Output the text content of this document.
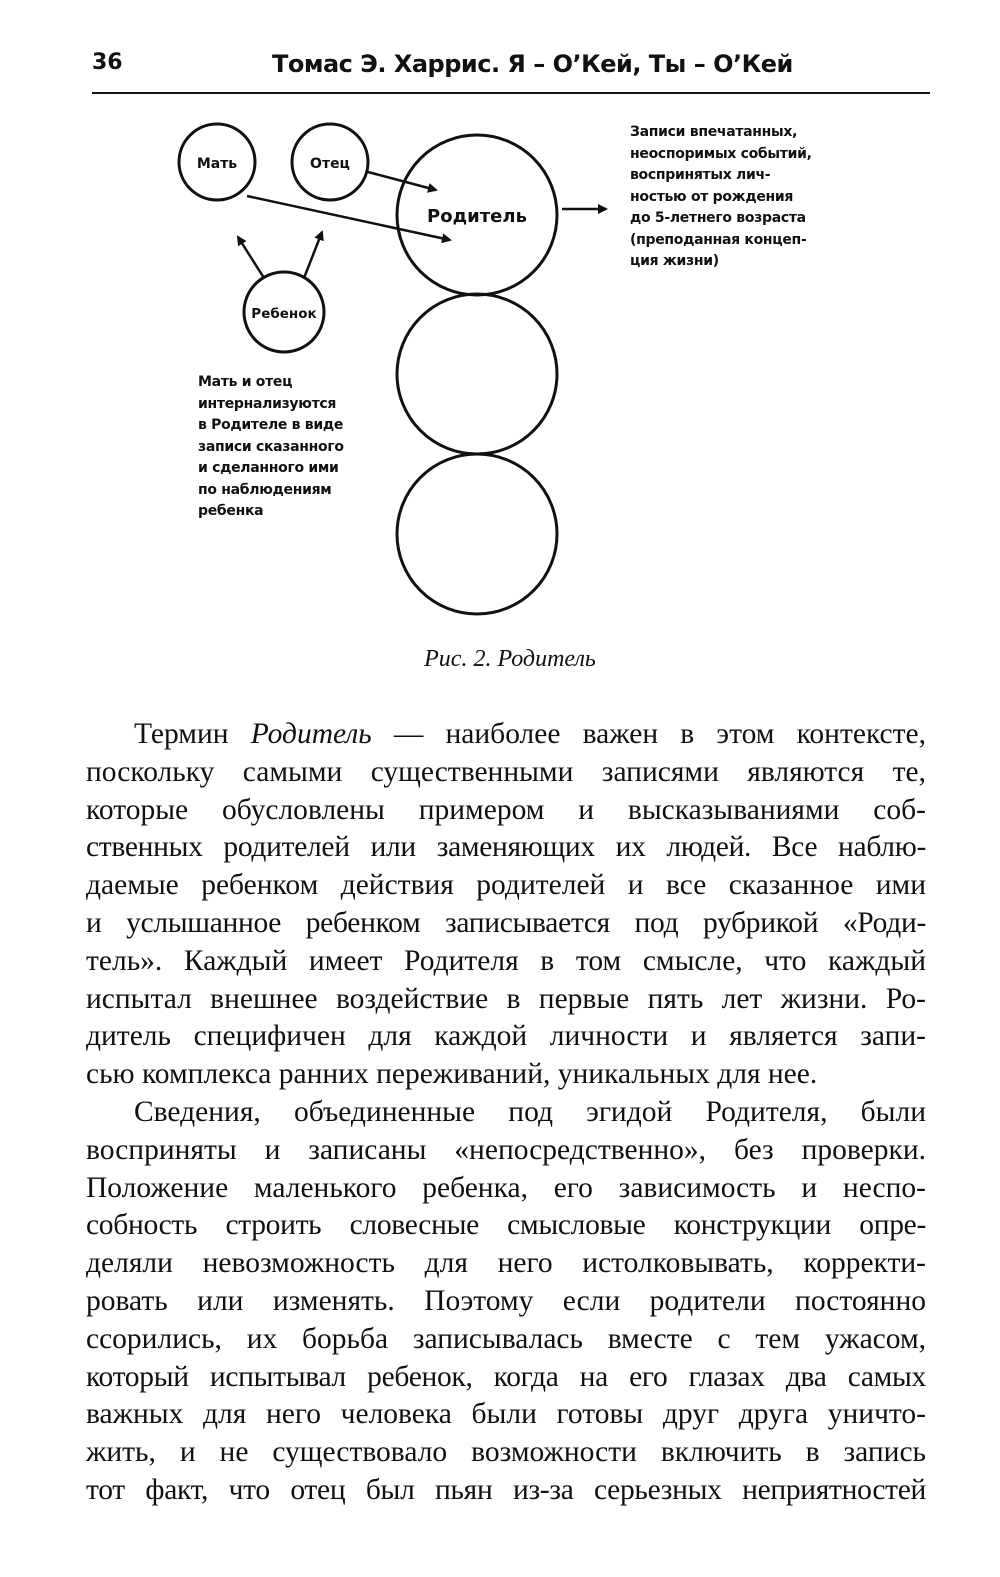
36	Томас Э. Харрис. Я – О’Кей, Ты – О’Кей
Мать	Отец
Родитель
Ребенок
Записи впечатанных,
неоспоримых событий,
воспринятых лич-
ностью от рождения
до 5-летнего возраста
(преподанная концеп-
ция жизни)
Мать и отец
интернализуются
в Родителе в виде
записи сказанного
и сделанного ими
по наблюдениям
ребенка
Рис. 2. Родитель
Термин Родитель — наиболее важен в этом контексте,
поскольку самыми существенными записями являются те,
которые обусловлены примером и высказываниями соб-
ственных родителей или заменяющих их людей. Все наблю-
даемые ребенком действия родителей и все сказанное ими
и услышанное ребенком записывается под рубрикой «Роди-
тель». Каждый имеет Родителя в том смысле, что каждый
испытал внешнее воздействие в первые пять лет жизни. Ро-
дитель специфичен для каждой личности и является запи-
сью комплекса ранних переживаний, уникальных для нее.
Сведения, объединенные под эгидой Родителя, были
восприняты и записаны «непосредственно», без проверки.
Положение маленького ребенка, его зависимость и неспо-
собность строить словесные смысловые конструкции опре-
деляли невозможность для него истолковывать, корректи-
ровать или изменять. Поэтому если родители постоянно
ссорились, их борьба записывалась вместе с тем ужасом,
который испытывал ребенок, когда на его глазах два самых
важных для него человека были готовы друг друга уничто-
жить, и не существовало возможности включить в запись
тот факт, что отец был пьян из-за серьезных неприятностей
